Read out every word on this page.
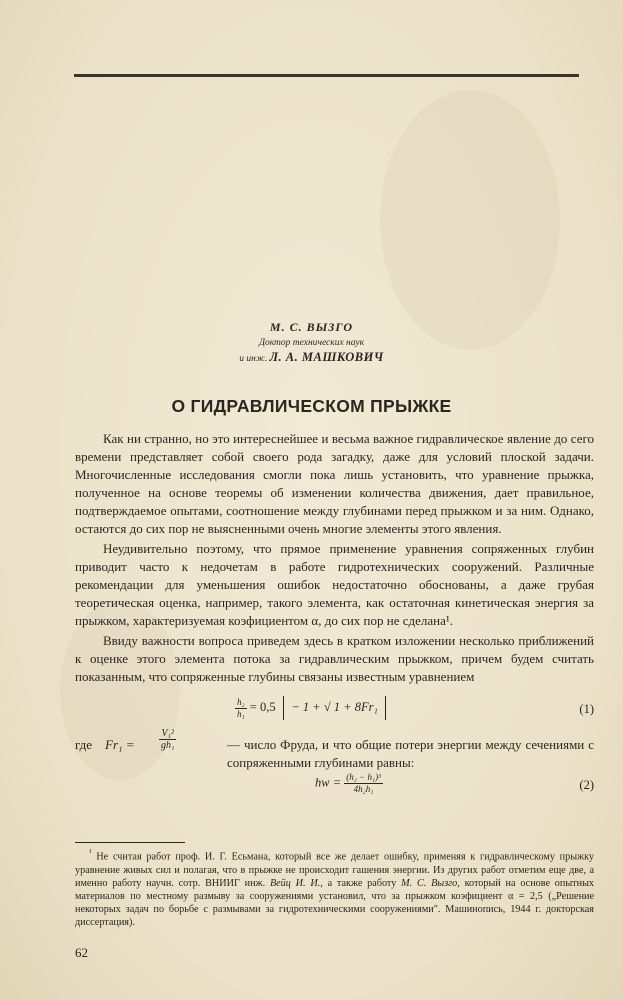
М. С. ВЫЗГО
Доктор технических наук
и инж. Л. А. МАШКОВИЧ
О ГИДРАВЛИЧЕСКОМ ПРЫЖКЕ

Как ни странно, но это интереснейшее и весьма важное гидравлическое явление до сего времени представляет собой своего рода загадку, даже для условий плоской задачи. Многочисленные исследования смогли пока лишь установить, что уравнение прыжка, полученное на основе теоремы об изменении количества движения, дает правильное, подтверждаемое опытами, соотношение между глубинами перед прыжком и за ним. Однако, остаются до сих пор не выясненными очень многие элементы этого явления.

Неудивительно поэтому, что прямое применение уравнения сопряженных глубин приводит часто к недочетам в работе гидротехнических сооружений. Различные рекомендации для уменьшения ошибок недостаточно обоснованы, а даже грубая теоретическая оценка, например, такого элемента, как остаточная кинетическая энергия за прыжком, характеризуемая коэфициентом α, до сих пор не сделана¹.

Ввиду важности вопроса приведем здесь в кратком изложении несколько приближений к оценке этого элемента потока за гидравлическим прыжком, причем будем считать показанным, что сопряженные глубины связаны известным уравнением

$\frac{\text{h₂}}{\text{h₁}} = 0,5 - 1$ + √ 1 + 8Fr₁	(1)
где $Fr_1 = \frac{\text{V₁²}}{\text{gh₁}}$	— число Фруда, и что общие потери энергии между сечениями с сопряженными глубинами равны:
hw = $\frac{\text{(h₂ − h₁)³}}{\text{4h₂h₁}}$	(2)
$^{^1}$ Не считая работ проф. И. Г. Есьмана, который все же делает ошибку, применяя к гидравлическому прыжку уравнение живых сил и полагая, что в прыжке не происходит гашения энергии. Из других работ отметим еще две, а именно работу научн. сотр. ВНИИГ инж. Вейц И. И., а также работу М. С. Вызго, который на основе опытных материалов по местному размыву за сооружениями установил, что за прыжком коэфициент α = 2,5 („Решение некоторых задач по борьбе с размывами за гидротехническими сооружениями". Машинопись, 1944 г. докторская диссертация).
62
